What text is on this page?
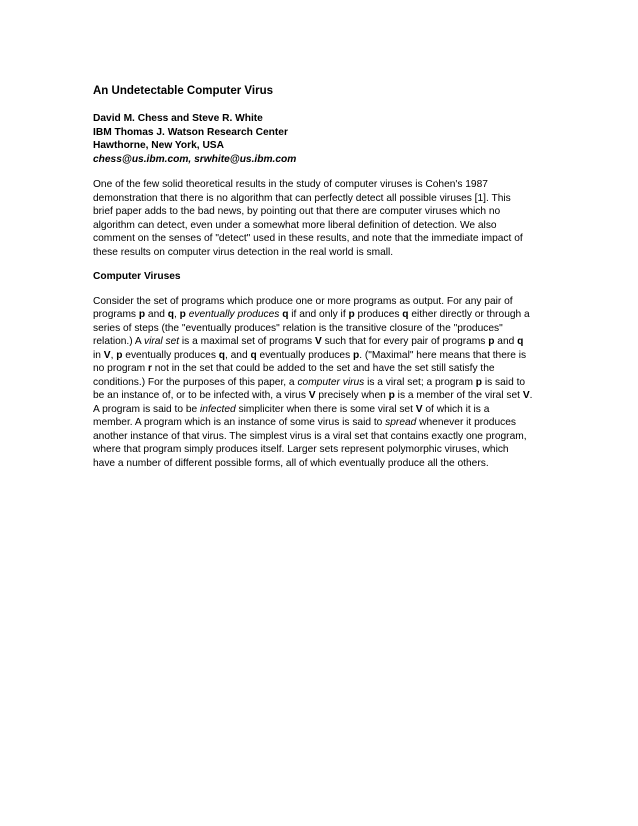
An Undetectable Computer Virus
David M. Chess and Steve R. White
IBM Thomas J. Watson Research Center
Hawthorne, New York, USA
chess@us.ibm.com, srwhite@us.ibm.com
One of the few solid theoretical results in the study of computer viruses is Cohen's 1987
demonstration that there is no algorithm that can perfectly detect all possible viruses [1]. This
brief paper adds to the bad news, by pointing out that there are computer viruses which no
algorithm can detect, even under a somewhat more liberal definition of detection. We also
comment on the senses of "detect" used in these results, and note that the immediate impact of
these results on computer virus detection in the real world is small.
Computer Viruses
Consider the set of programs which produce one or more programs as output. For any pair of
programs p and q, p eventually produces q if and only if p produces q either directly or through a
series of steps (the "eventually produces" relation is the transitive closure of the "produces"
relation.) A viral set is a maximal set of programs V such that for every pair of programs p and q
in V, p eventually produces q, and q eventually produces p. ("Maximal" here means that there is
no program r not in the set that could be added to the set and have the set still satisfy the
conditions.) For the purposes of this paper, a computer virus is a viral set; a program p is said to
be an instance of, or to be infected with, a virus V precisely when p is a member of the viral set V.
A program is said to be infected simpliciter when there is some viral set V of which it is a
member. A program which is an instance of some virus is said to spread whenever it produces
another instance of that virus. The simplest virus is a viral set that contains exactly one program,
where that program simply produces itself. Larger sets represent polymorphic viruses, which
have a number of different possible forms, all of which eventually produce all the others.
